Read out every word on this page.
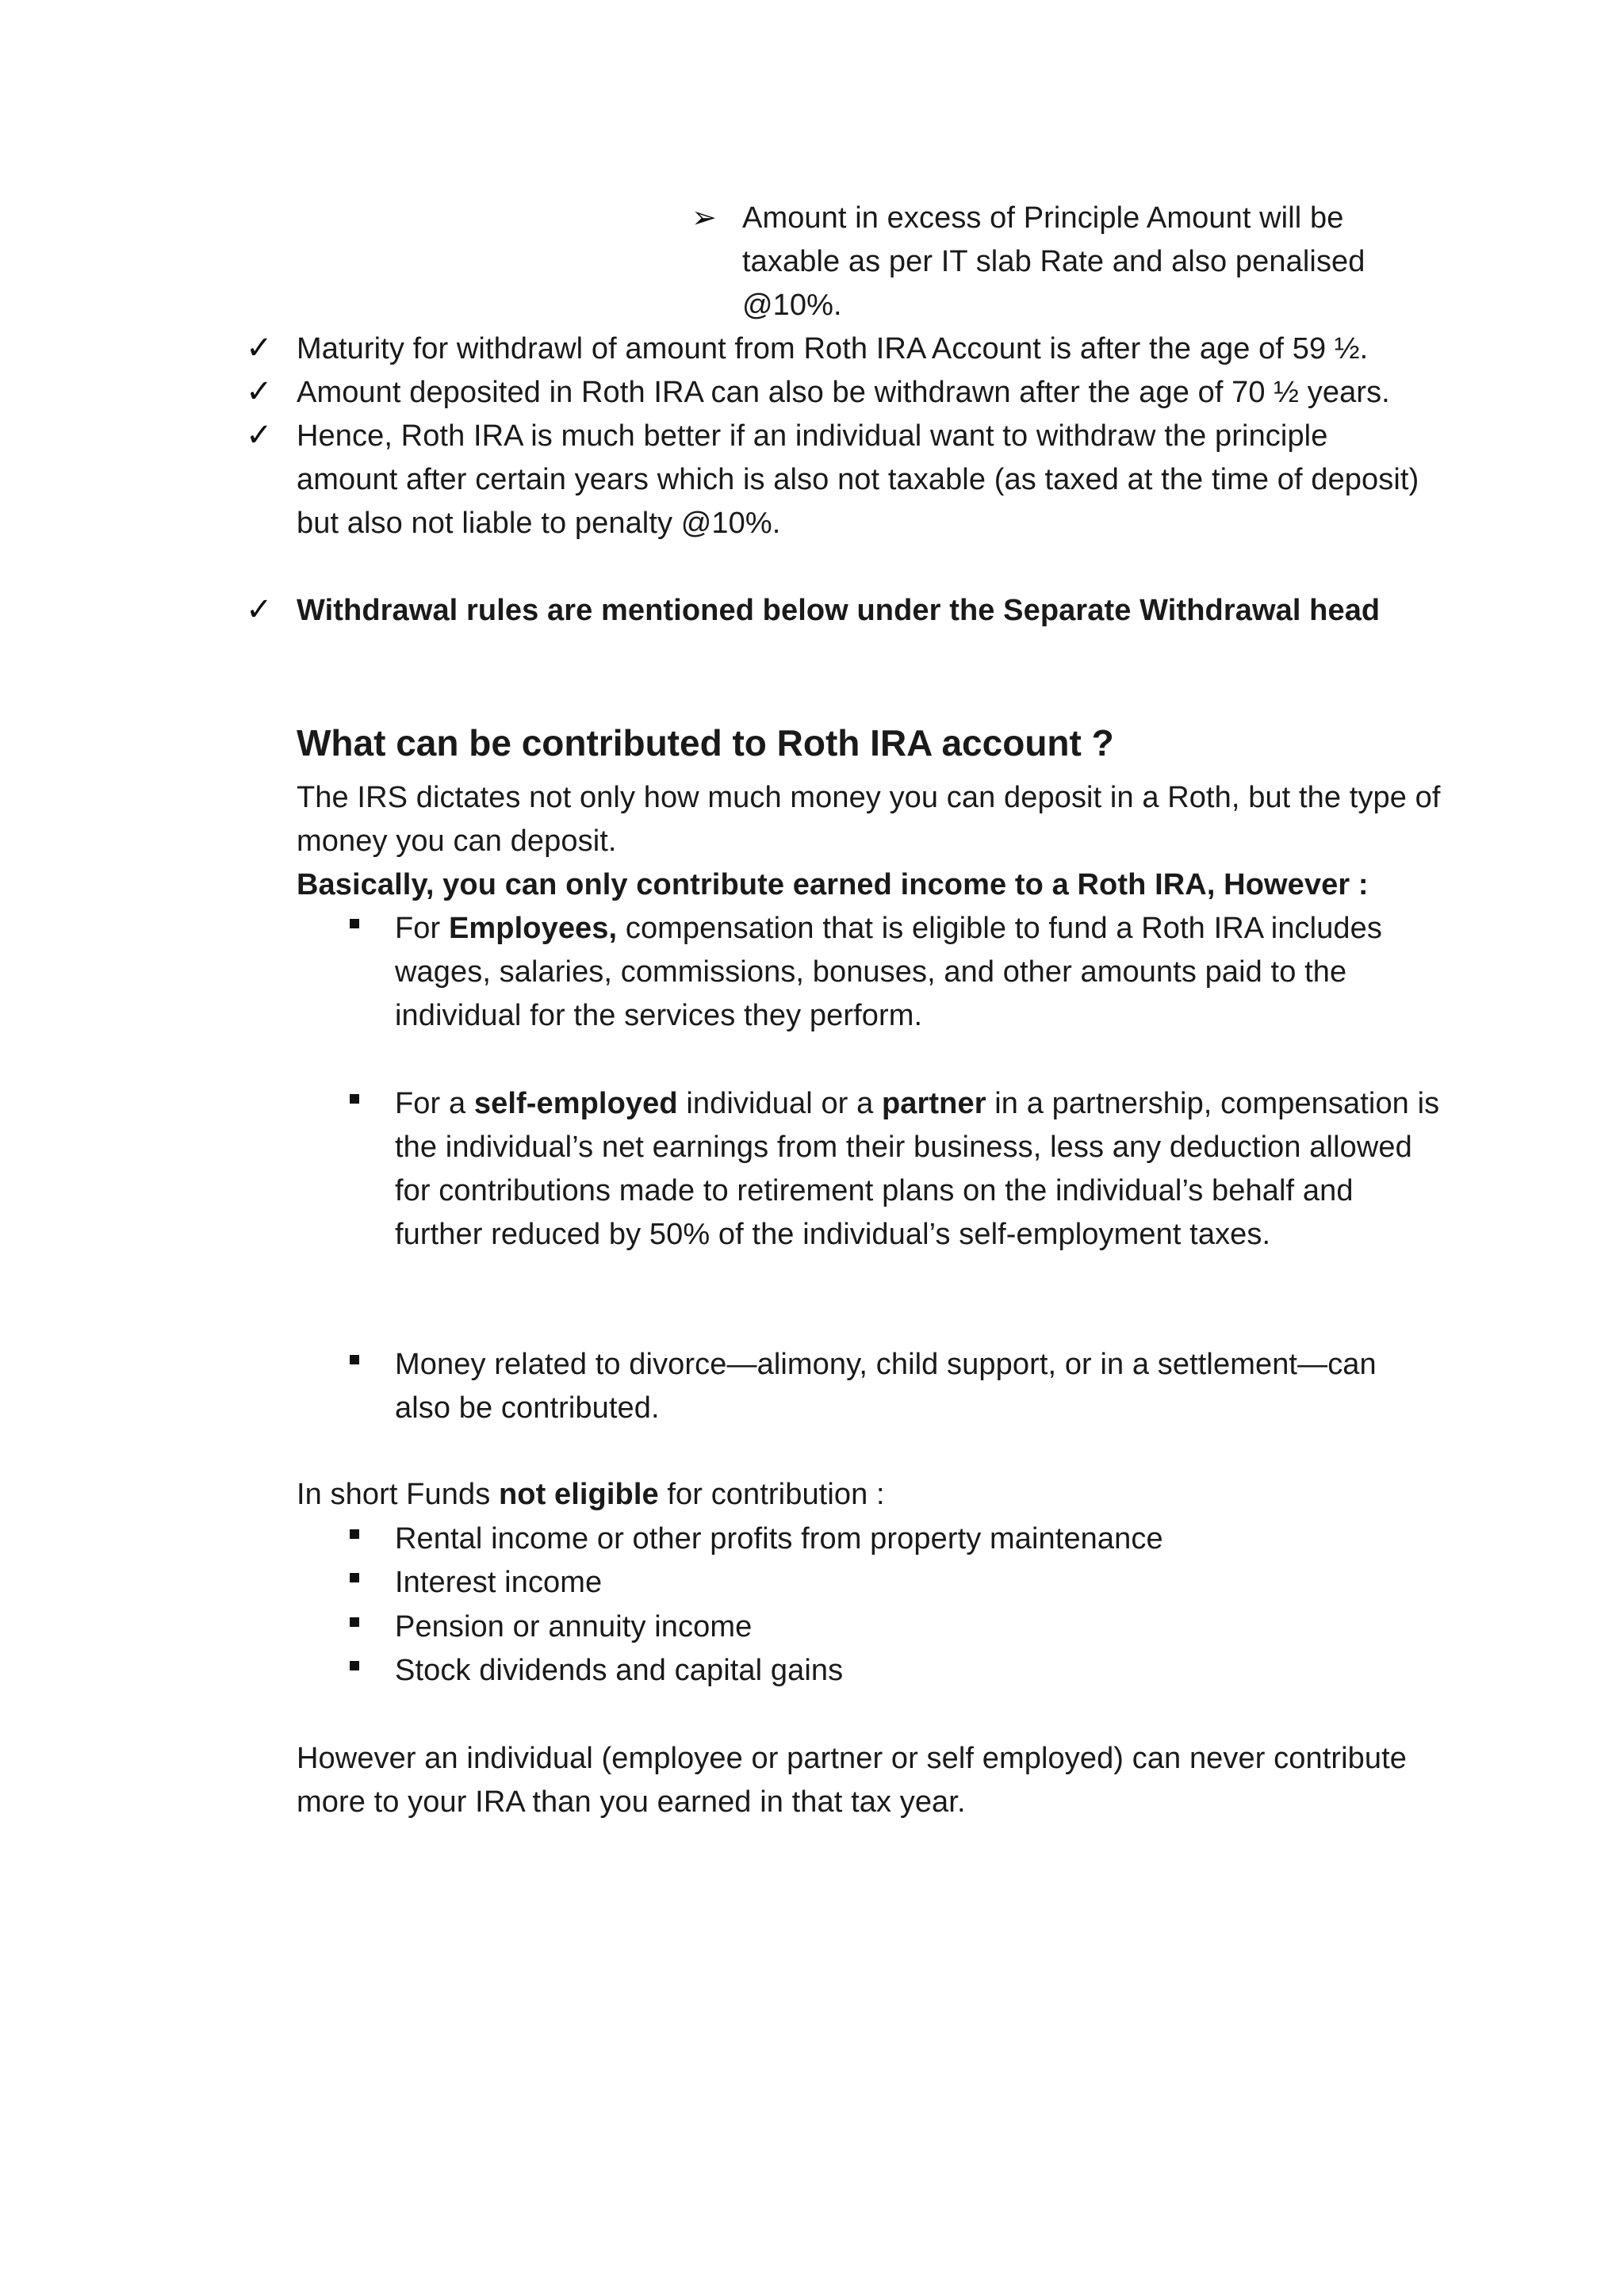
➢ Amount in excess of Principle Amount will be
taxable as per IT slab Rate and also penalised
@10%.
✓ Maturity for withdrawl of amount from Roth IRA Account is after the age of 59 ½.
✓ Amount deposited in Roth IRA can also be withdrawn after the age of 70 ½ years.
✓ Hence, Roth IRA is much better if an individual want to withdraw the principle
amount after certain years which is also not taxable (as taxed at the time of deposit)
but also not liable to penalty @10%.
✓ Withdrawal rules are mentioned below under the Separate Withdrawal head
What can be contributed to Roth IRA account ?
The IRS dictates not only how much money you can deposit in a Roth, but the type of
money you can deposit.
Basically, you can only contribute earned income to a Roth IRA, However :
For Employees, compensation that is eligible to fund a Roth IRA includes
wages, salaries, commissions, bonuses, and other amounts paid to the
individual for the services they perform.
For a self-employed individual or a partner in a partnership, compensation is
the individual’s net earnings from their business, less any deduction allowed
for contributions made to retirement plans on the individual’s behalf and
further reduced by 50% of the individual’s self-employment taxes.
Money related to divorce—alimony, child support, or in a settlement—can
also be contributed.
In short Funds not eligible for contribution :
Rental income or other profits from property maintenance
Interest income
Pension or annuity income
Stock dividends and capital gains
However an individual (employee or partner or self employed) can never contribute
more to your IRA than you earned in that tax year.
